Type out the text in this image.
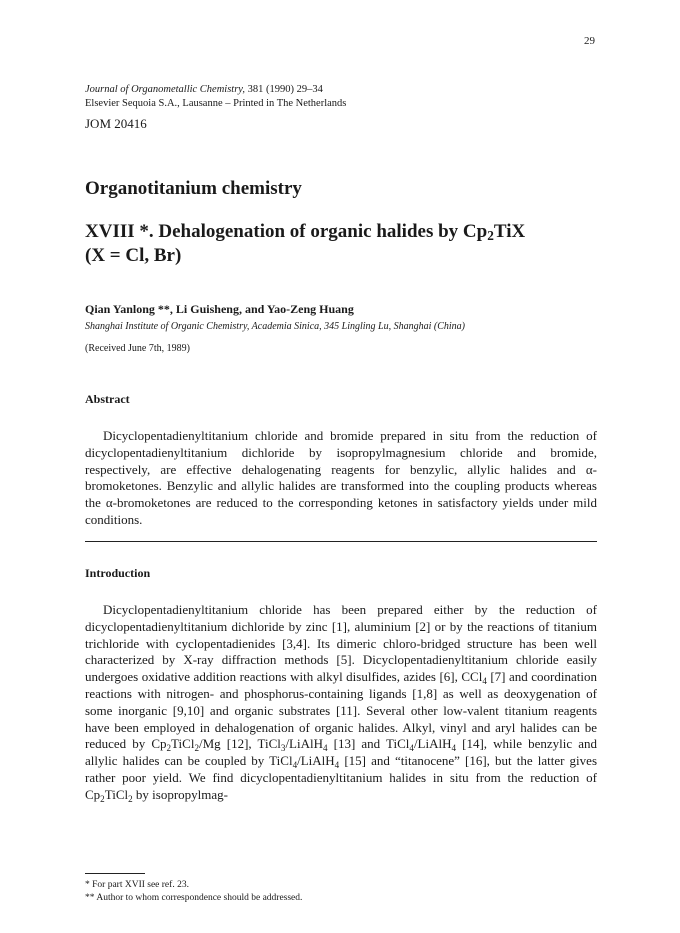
29
Journal of Organometallic Chemistry, 381 (1990) 29–34
Elsevier Sequoia S.A., Lausanne – Printed in The Netherlands
JOM 20416
Organotitanium chemistry
XVIII *. Dehalogenation of organic halides by $Cp_2TiX$
(X = Cl, Br)
Qian Yanlong **, Li Guisheng, and Yao-Zeng Huang
Shanghai Institute of Organic Chemistry, Academia Sinica, 345 Lingling Lu, Shanghai (China)
(Received June 7th, 1989)
Abstract

Dicyclopentadienyltitanium chloride and bromide prepared in situ from the reduction of dicyclopentadienyltitanium dichloride by isopropylmagnesium chloride and bromide, respectively, are effective dehalogenating reagents for benzylic, allylic halides and α-bromoketones. Benzylic and allylic halides are transformed into the coupling products whereas the α-bromoketones are reduced to the corresponding ketones in satisfactory yields under mild conditions.

Introduction

Dicyclopentadienyltitanium chloride has been prepared either by the reduction of dicyclopentadienyltitanium dichloride by zinc [1], aluminium [2] or by the reactions of titanium trichloride with cyclopentadienides [3,4]. Its dimeric chloro-bridged structure has been well characterized by X-ray diffraction methods [5]. Dicyclopentadienyltitanium chloride easily undergoes oxidative addition reactions with alkyl disulfides, azides [6], CCl$_4$ [7] and coordination reactions with nitrogen- and phosphorus-containing ligands [1,8] as well as deoxygenation of some inorganic [9,10] and organic substrates [11]. Several other low-valent titanium reagents have been employed in dehalogenation of organic halides. Alkyl, vinyl and aryl halides can be reduced by $Cp_2TiCl_2/Mg$ [12], TiCl$_3$/LiAlH$_4$ [13] and TiCl$_4$/LiAlH$_4$ [14], while benzylic and allylic halides can be coupled by TiCl$_4$/LiAlH$_4$ [15] and “titanocene” [16], but the latter gives rather poor yield. We find dicyclopentadienyltitanium halides in situ from the reduction of $Cp_2TiCl_2$ by isopropylmag-

* For part XVII see ref. 23.
** Author to whom correspondence should be addressed.
